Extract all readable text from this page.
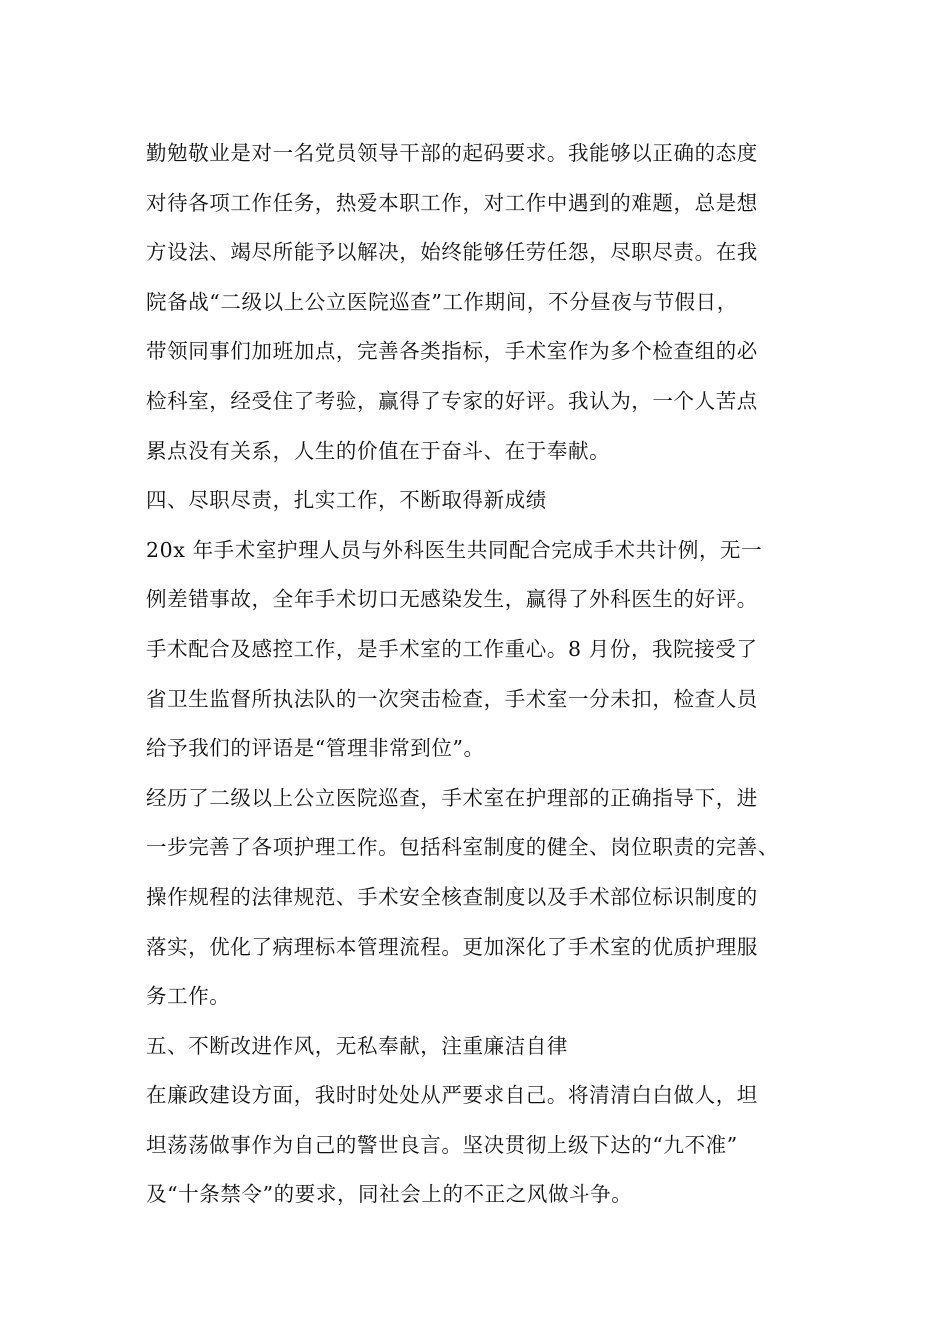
勤勉敬业是对一名党员领导干部的起码要求。我能够以正确的态度
对待各项工作任务，热爱本职工作，对工作中遇到的难题，总是想
方设法、竭尽所能予以解决，始终能够任劳任怨，尽职尽责。在我
院备战“二级以上公立医院巡查”工作期间，不分昼夜与节假日，
带领同事们加班加点，完善各类指标，手术室作为多个检查组的必
检科室，经受住了考验，赢得了专家的好评。我认为，一个人苦点
累点没有关系，人生的价值在于奋斗、在于奉献。

四、尽职尽责，扎实工作，不断取得新成绩

20x 年手术室护理人员与外科医生共同配合完成手术共计例，无一
例差错事故，全年手术切口无感染发生，赢得了外科医生的好评。

手术配合及感控工作，是手术室的工作重心。8 月份，我院接受了
省卫生监督所执法队的一次突击检查，手术室一分未扣，检查人员
给予我们的评语是“管理非常到位”。

经历了二级以上公立医院巡查，手术室在护理部的正确指导下，进
一步完善了各项护理工作。包括科室制度的健全、岗位职责的完善、
操作规程的法律规范、手术安全核查制度以及手术部位标识制度的
落实，优化了病理标本管理流程。更加深化了手术室的优质护理服
务工作。

五、不断改进作风，无私奉献，注重廉洁自律

在廉政建设方面，我时时处处从严要求自己。将清清白白做人，坦
坦荡荡做事作为自己的警世良言。坚决贯彻上级下达的“九不准”
及“十条禁令”的要求，同社会上的不正之风做斗争。
